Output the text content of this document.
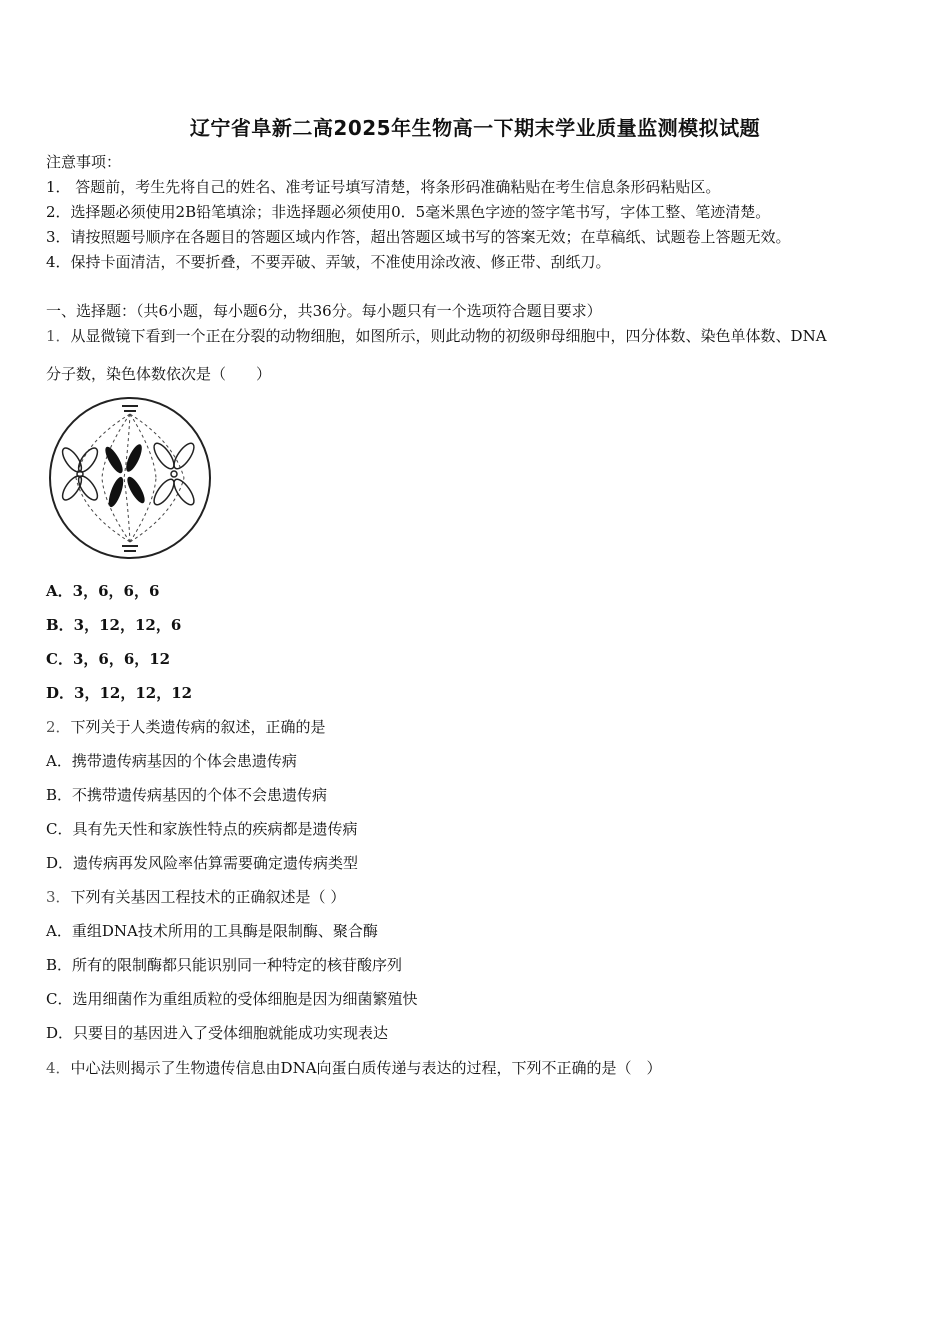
辽宁省阜新二高2025年生物高一下期末学业质量监测模拟试题
注意事项：
1． 答题前，考生先将自己的姓名、准考证号填写清楚，将条形码准确粘贴在考生信息条形码粘贴区。
2．选择题必须使用2B铅笔填涂；非选择题必须使用0．5毫米黑色字迹的签字笔书写，字体工整、笔迹清楚。
3．请按照题号顺序在各题目的答题区域内作答，超出答题区域书写的答案无效；在草稿纸、试题卷上答题无效。
4．保持卡面清洁，不要折叠，不要弄破、弄皱，不准使用涂改液、修正带、刮纸刀。
一、选择题：（共6小题，每小题6分，共36分。每小题只有一个选项符合题目要求）
1．从显微镜下看到一个正在分裂的动物细胞，如图所示，则此动物的初级卵母细胞中，四分体数、染色单体数、DNA
分子数，染色体数依次是（　　）
A．3，6，6，6
B．3，12，12，6
C．3，6，6，12
D．3，12，12，12
2．下列关于人类遗传病的叙述，正确的是
A．携带遗传病基因的个体会患遗传病
B．不携带遗传病基因的个体不会患遗传病
C．具有先天性和家族性特点的疾病都是遗传病
D．遗传病再发风险率估算需要确定遗传病类型
3．下列有关基因工程技术的正确叙述是（ ）
A．重组DNA技术所用的工具酶是限制酶、聚合酶
B．所有的限制酶都只能识别同一种特定的核苷酸序列
C．选用细菌作为重组质粒的受体细胞是因为细菌繁殖快
D．只要目的基因进入了受体细胞就能成功实现表达
4．中心法则揭示了生物遗传信息由DNA向蛋白质传递与表达的过程，下列不正确的是（　）
